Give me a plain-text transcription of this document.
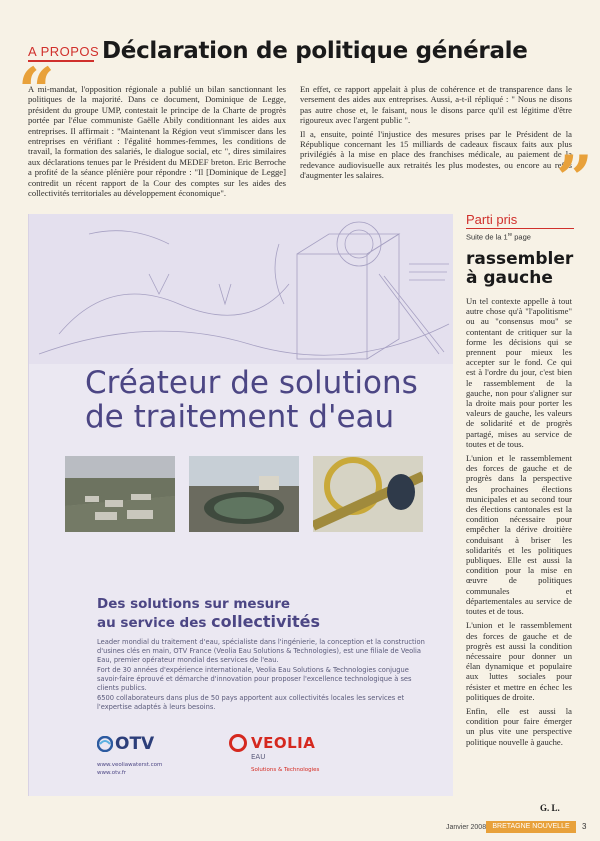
A PROPOS Déclaration de politique générale
“
A mi-mandat, l'opposition régionale a publié un bilan sanctionnant les politiques de la majorité. Dans ce document, Dominique de Legge, président du groupe UMP, contestait le principe de la Charte de progrès portée par l'élue communiste Gaëlle Abily conditionnant les aides aux entreprises. Il affirmait : "Maintenant la Région veut s'immiscer dans les entreprises en vérifiant : l'égalité hommes-femmes, les conditions de travail, la formation des salariés, le dialogue social, etc ", dires similaires aux déclarations tenues par le Président du MEDEF breton. Eric Berroche a profité de la séance plénière pour répondre : "Il [Dominique de Legge] contredit un récent rapport de la Cour des comptes sur les aides des collectivités territoriales au développement économique".

En effet, ce rapport appelait à plus de cohérence et de transparence dans le versement des aides aux entreprises. Aussi, a-t-il répliqué : " Nous ne disons pas autre chose et, le faisant, nous le disons parce qu'il est légitime d'être rigoureux avec l'argent public ".

Il a, ensuite, pointé l'injustice des mesures prises par le Président de la République concernant les 15 milliards de cadeaux fiscaux faits aux plus privilégiés à la mise en place des franchises médicale, au paiement de la redevance audiovisuelle aux retraités les plus modestes, ou encore au refus d'augmenter les salaires.	”
Créateur de solutions de traitement d'eau
Des solutions sur mesure
au service des collectivités

Leader mondial du traitement d'eau, spécialiste dans l'ingénierie, la conception et la construction d'usines clés en main, OTV France (Veolia Eau Solutions & Technologies), est une filiale de Veolia Eau, premier opérateur mondial des services de l'eau.

Fort de 30 années d'expérience internationale, Veolia Eau Solutions & Technologies conjugue savoir-faire éprouvé et démarche d'innovation pour proposer l'excellence technologique à ses clients publics.

6500 collaborateurs dans plus de 50 pays apportent aux collectivités locales les services et l'expertise adaptés à leurs besoins.

OTV	VEOLIA
EAU
Solutions & Technologies
www.veoliawaterst.com
www.otv.fr
Parti pris
Suite de la 1re page
rassembler à gauche

Un tel contexte appelle à tout autre chose qu'à "l'apolitisme" ou au "consensus mou" se contentant de critiquer sur la forme les décisions qui se prennent pour mieux les accepter sur le fond. Ce qui est à l'ordre du jour, c'est bien le rassemblement de la gauche, non pour s'aligner sur la droite mais pour porter les valeurs de gauche, les valeurs de solidarité et de progrès partagé, mises au service de toutes et de tous.

L'union et le rassemblement des forces de gauche et de progrès dans la perspective des prochaines élections municipales et au second tour des élections cantonales est la condition nécessaire pour empêcher la dérive droitière conduisant à briser les solidarités et les politiques publiques. Elle est aussi la condition pour la mise en œuvre de politiques communales et départementales au service de toutes et de tous.

L'union et le rassemblement des forces de gauche et de progrès est aussi la condition nécessaire pour donner un élan dynamique et populaire aux luttes sociales pour résister et mettre en échec les politiques de droite.

Enfin, elle est aussi la condition pour faire émerger un plus vite une perspective politique nouvelle à gauche.

G. L.
Janvier 2008 BRETAGNE NOUVELLE	3
